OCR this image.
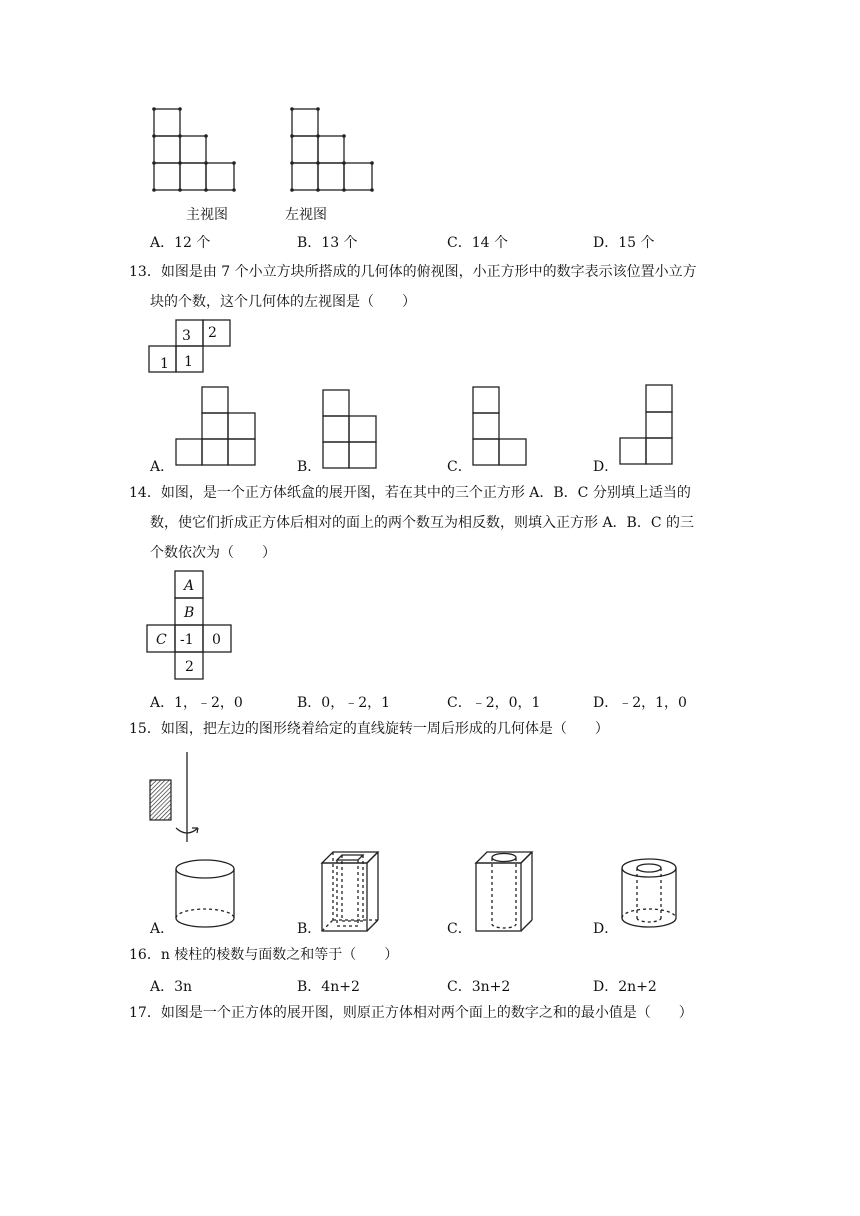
主视图	左视图
A．12 个	B．13 个	C．14 个	D．15 个
13．如图是由 7 个小立方块所搭成的几何体的俯视图，小正方形中的数字表示该位置小立方
块的个数，这个几何体的左视图是（　　）
3 2
1 1
A．	B．	C．	D．
14．如图，是一个正方体纸盒的展开图，若在其中的三个正方形 A．B．C 分别填上适当的
数，使它们折成正方体后相对的面上的两个数互为相反数，则填入正方形 A．B．C 的三
个数依次为（　　）
A
B
C -1 0
2
A．1，﹣2，0	B．0，﹣2，1	C．﹣2，0，1	D．﹣2，1，0
15．如图，把左边的图形绕着给定的直线旋转一周后形成的几何体是（　　）
A．	B．	C．	D．
16．n 棱柱的棱数与面数之和等于（　　）
A．3n	B．4n+2	C．3n+2	D．2n+2
17．如图是一个正方体的展开图，则原正方体相对两个面上的数字之和的最小值是（　　）
